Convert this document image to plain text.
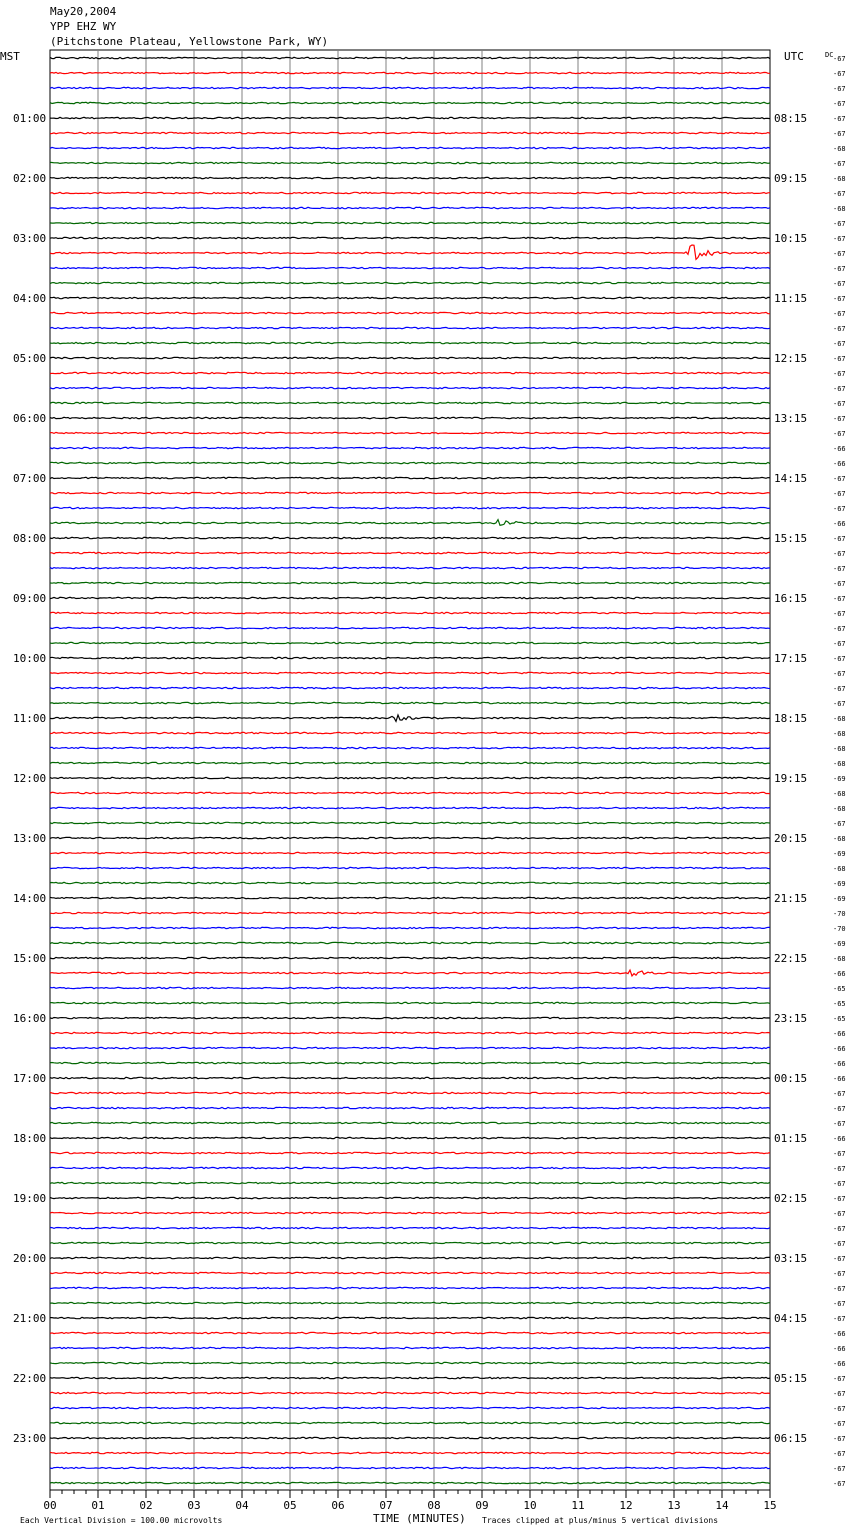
May20,2004
YPP EHZ WY
(Pitchstone Plateau, Yellowstone Park, WY)
MST	UTC	DC -67
-67
-67
-67
-67
01:00	08:15
-67
-68
-67
-68
02:00	09:15
-67
-68
-67
-67
03:00	10:15
-67
-67
-67
-67
04:00	11:15
-67
-67
-67
-67
05:00	12:15
-67
-67
-67
-67
06:00	13:15
-67
-66
-66
-67
07:00	14:15
-67
-67
-66
-67
08:00	15:15
-67
-67
-67
-67
09:00	16:15
-67
-67
-67
-67
10:00	17:15
-67
-67
-67
-68
11:00	18:15
-68
-68
-68
-69
12:00	19:15
-68
-68
-67
-68
13:00	20:15
-69
-68
-69
-69
14:00	21:15
-70
-70
-69
-68
15:00	22:15
-66
-65
-65
-65
16:00	23:15
-66
-66
-66
-66
17:00	00:15
-67
-67
-67
-66
18:00	01:15
-67
-67
-67
-67
19:00	02:15
-67
-67
-67
-67
20:00	03:15
-67
-67
-67
-67
21:00	04:15
-66
-66
-66
-67
22:00	05:15
-67
-67
-67
-67
23:00	06:15
-67
-67
-67
00	01	02	03	04	05	06	07	08	09	10	11	12	13	14	15
Each Vertical Division = 100.00 microvolts	TIME (MINUTES) Traces clipped at plus/minus 5 vertical divisions
